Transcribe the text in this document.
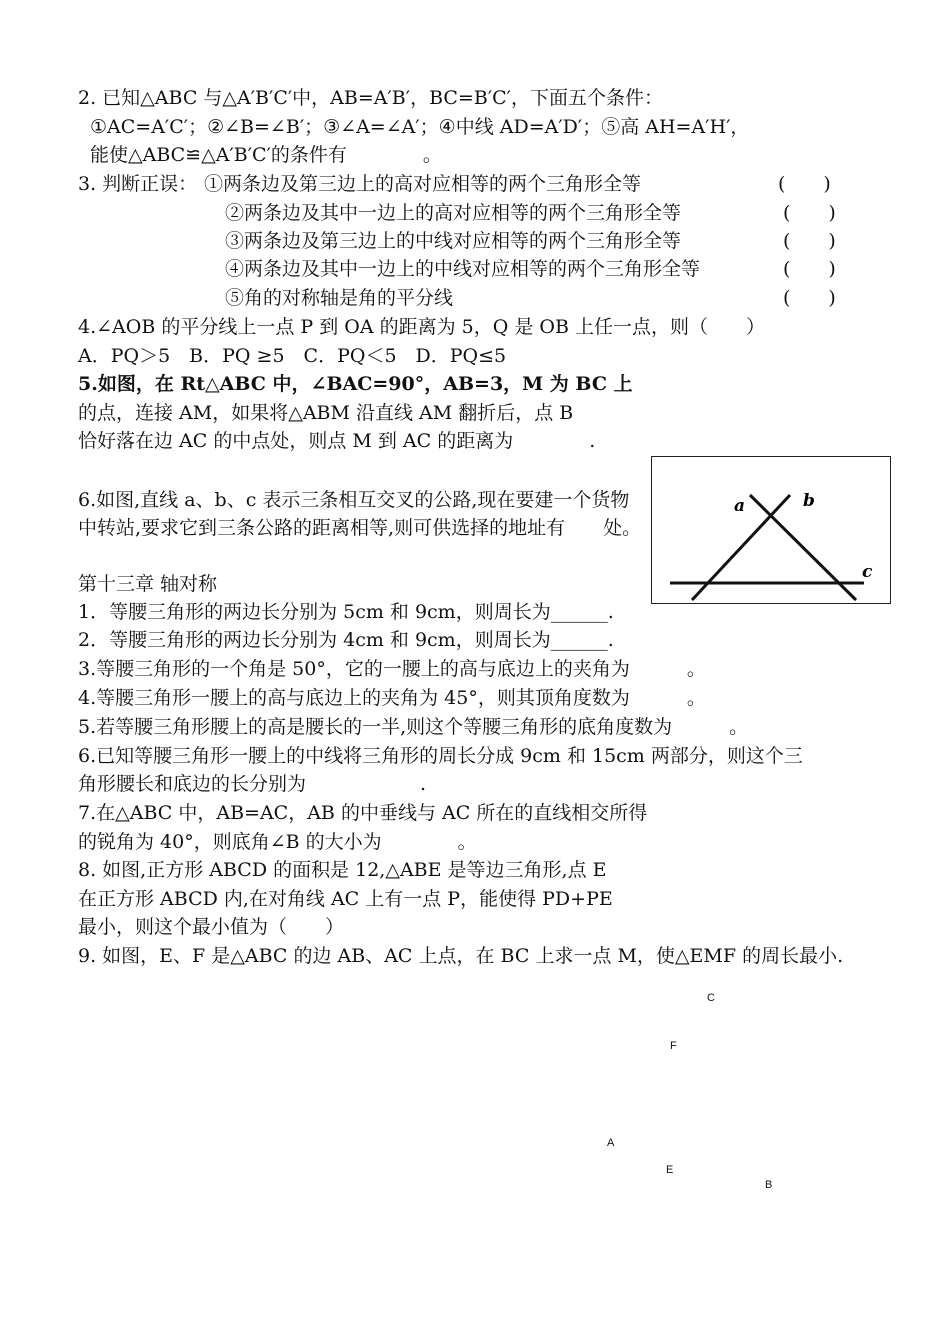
2. 已知△ABC 与△A′B′C′中，AB=A′B′，BC=B′C′，下面五个条件：
①AC=A′C′；②∠B=∠B′；③∠A=∠A′；④中线 AD=A′D′；⑤高 AH=A′H′，
能使△ABC≌△A′B′C′的条件有　　　　。
3. 判断正误： ①两条边及第三边上的高对应相等的两个三角形全等
②两条边及其中一边上的高对应相等的两个三角形全等
③两条边及第三边上的中线对应相等的两个三角形全等
④两条边及其中一边上的中线对应相等的两个三角形全等
⑤角的对称轴是角的平分线
(　　)
(　　)
(　　)
(　　)
(　　)
4.∠AOB 的平分线上一点 P 到 OA 的距离为 5，Q 是 OB 上任一点，则（　　）
A．PQ＞5　B．PQ ≥5　C．PQ＜5　D．PQ≤5
5.如图，在 Rt△ABC 中，∠BAC=90°，AB=3，M 为 BC 上
的点，连接 AM，如果将△ABM 沿直线 AM 翻折后，点 B
恰好落在边 AC 的中点处，则点 M 到 AC 的距离为　　　　.
6.如图,直线 a、b、c 表示三条相互交叉的公路,现在要建一个货物
中转站,要求它到三条公路的距离相等,则可供选择的地址有　　处。
a	b
c
第十三章 轴对称
1．等腰三角形的两边长分别为 5cm 和 9cm，则周长为______.
2．等腰三角形的两边长分别为 4cm 和 9cm，则周长为______.
3.等腰三角形的一个角是 50°，它的一腰上的高与底边上的夹角为　　　。
4.等腰三角形一腰上的高与底边上的夹角为 45°，则其顶角度数为　　　。
5.若等腰三角形腰上的高是腰长的一半,则这个等腰三角形的底角度数为　　　。
6.已知等腰三角形一腰上的中线将三角形的周长分成 9cm 和 15cm 两部分，则这个三
角形腰长和底边的长分别为　　　　　　.
7.在△ABC 中，AB=AC，AB 的中垂线与 AC 所在的直线相交所得
的锐角为 40°，则底角∠B 的大小为　　　　。
8. 如图,正方形 ABCD 的面积是 12,△ABE 是等边三角形,点 E
在正方形 ABCD 内,在对角线 AC 上有一点 P，能使得 PD+PE
最小，则这个最小值为（　　）
9. 如图，E、F 是△ABC 的边 AB、AC 上点，在 BC 上求一点 M，使△EMF 的周长最小.
C
F
A
E
B
